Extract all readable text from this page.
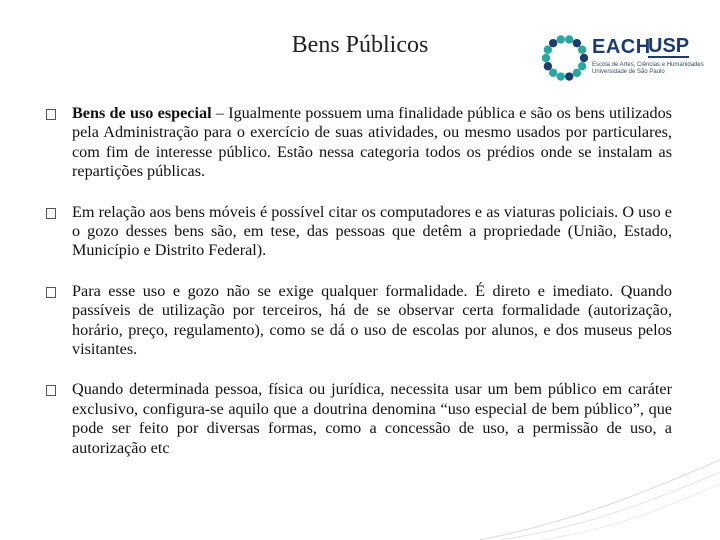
Bens Públicos	EACH
USP
Escola de Artes, Ciências e Humanidades
Universidade de São Paulo

Bens de uso especial – Igualmente possuem uma finalidade pública e são os bens utilizados pela Administração para o exercício de suas atividades, ou mesmo usados por particulares, com fim de interesse público. Estão nessa categoria todos os prédios onde se instalam as repartições públicas.

Em relação aos bens móveis é possível citar os computadores e as viaturas policiais. O uso e o gozo desses bens são, em tese, das pessoas que detêm a propriedade (União, Estado, Município e Distrito Federal).

Para esse uso e gozo não se exige qualquer formalidade. É direto e imediato. Quando passíveis de utilização por terceiros, há de se observar certa formalidade (autorização, horário, preço, regulamento), como se dá o uso de escolas por alunos, e dos museus pelos visitantes.

Quando determinada pessoa, física ou jurídica, necessita usar um bem público em caráter exclusivo, configura-se aquilo que a doutrina denomina “uso especial de bem público”, que pode ser feito por diversas formas, como a concessão de uso, a permissão de uso, a autorização etc
